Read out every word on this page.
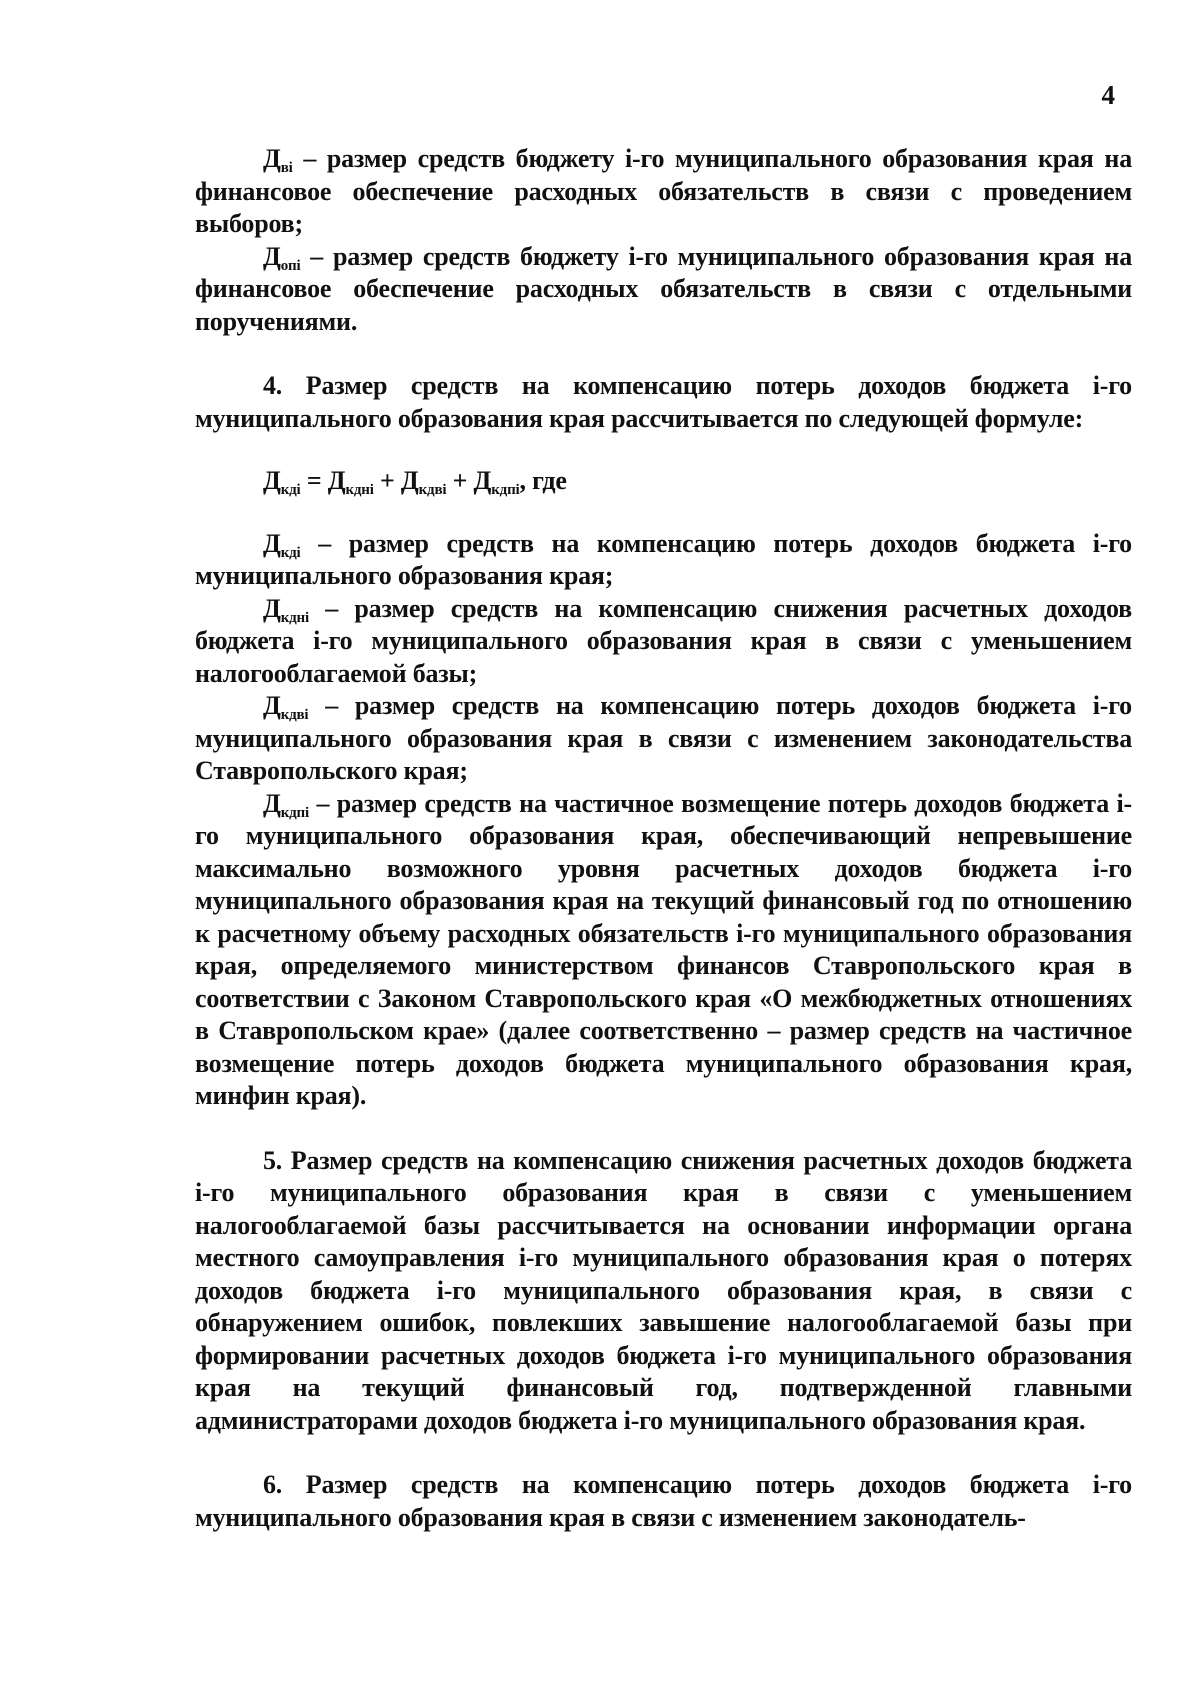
4

$Д_{вi}$ – размер средств бюджету і-го муниципального образования края на финансовое обеспечение расходных обязательств в связи с проведением выборов;

$Д_{oпi}$ – размер средств бюджету і-го муниципального образования края на финансовое обеспечение расходных обязательств в связи с отдельными поручениями.

4. Размер средств на компенсацию потерь доходов бюджета і-го муниципального образования края рассчитывается по следующей формуле:

$Д_{кдi} = Д_{кдні} + Д_{кдві} + Д_{кдпі}$, где

$Д_{кдi}$ – размер средств на компенсацию потерь доходов бюджета і-го муниципального образования края;

$Д_{кдні}$ – размер средств на компенсацию снижения расчетных доходов бюджета і-го муниципального образования края в связи с уменьшением налогооблагаемой базы;

$Д_{кдві}$ – размер средств на компенсацию потерь доходов бюджета і-го муниципального образования края в связи с изменением законодательства Ставропольского края;

$Д_{кдпі}$ – размер средств на частичное возмещение потерь доходов бюджета і-го муниципального образования края, обеспечивающий непревышение максимально возможного уровня расчетных доходов бюджета і-го муниципального образования края на текущий финансовый год по отношению к расчетному объему расходных обязательств і-го муниципального образования края, определяемого министерством финансов Ставропольского края в соответствии с Законом Ставропольского края «О межбюджетных отношениях в Ставропольском крае» (далее соответственно – размер средств на частичное возмещение потерь доходов бюджета муниципального образования края, минфин края).

5. Размер средств на компенсацию снижения расчетных доходов бюджета і-го муниципального образования края в связи с уменьшением налогооблагаемой базы рассчитывается на основании информации органа местного самоуправления і-го муниципального образования края о потерях доходов бюджета і-го муниципального образования края, в связи с обнаружением ошибок, повлекших завышение налогооблагаемой базы при формировании расчетных доходов бюджета і-го муниципального образования края на текущий финансовый год, подтвержденной главными администраторами доходов бюджета і-го муниципального образования края.

6. Размер средств на компенсацию потерь доходов бюджета і-го муниципального образования края в связи с изменением законодатель-
